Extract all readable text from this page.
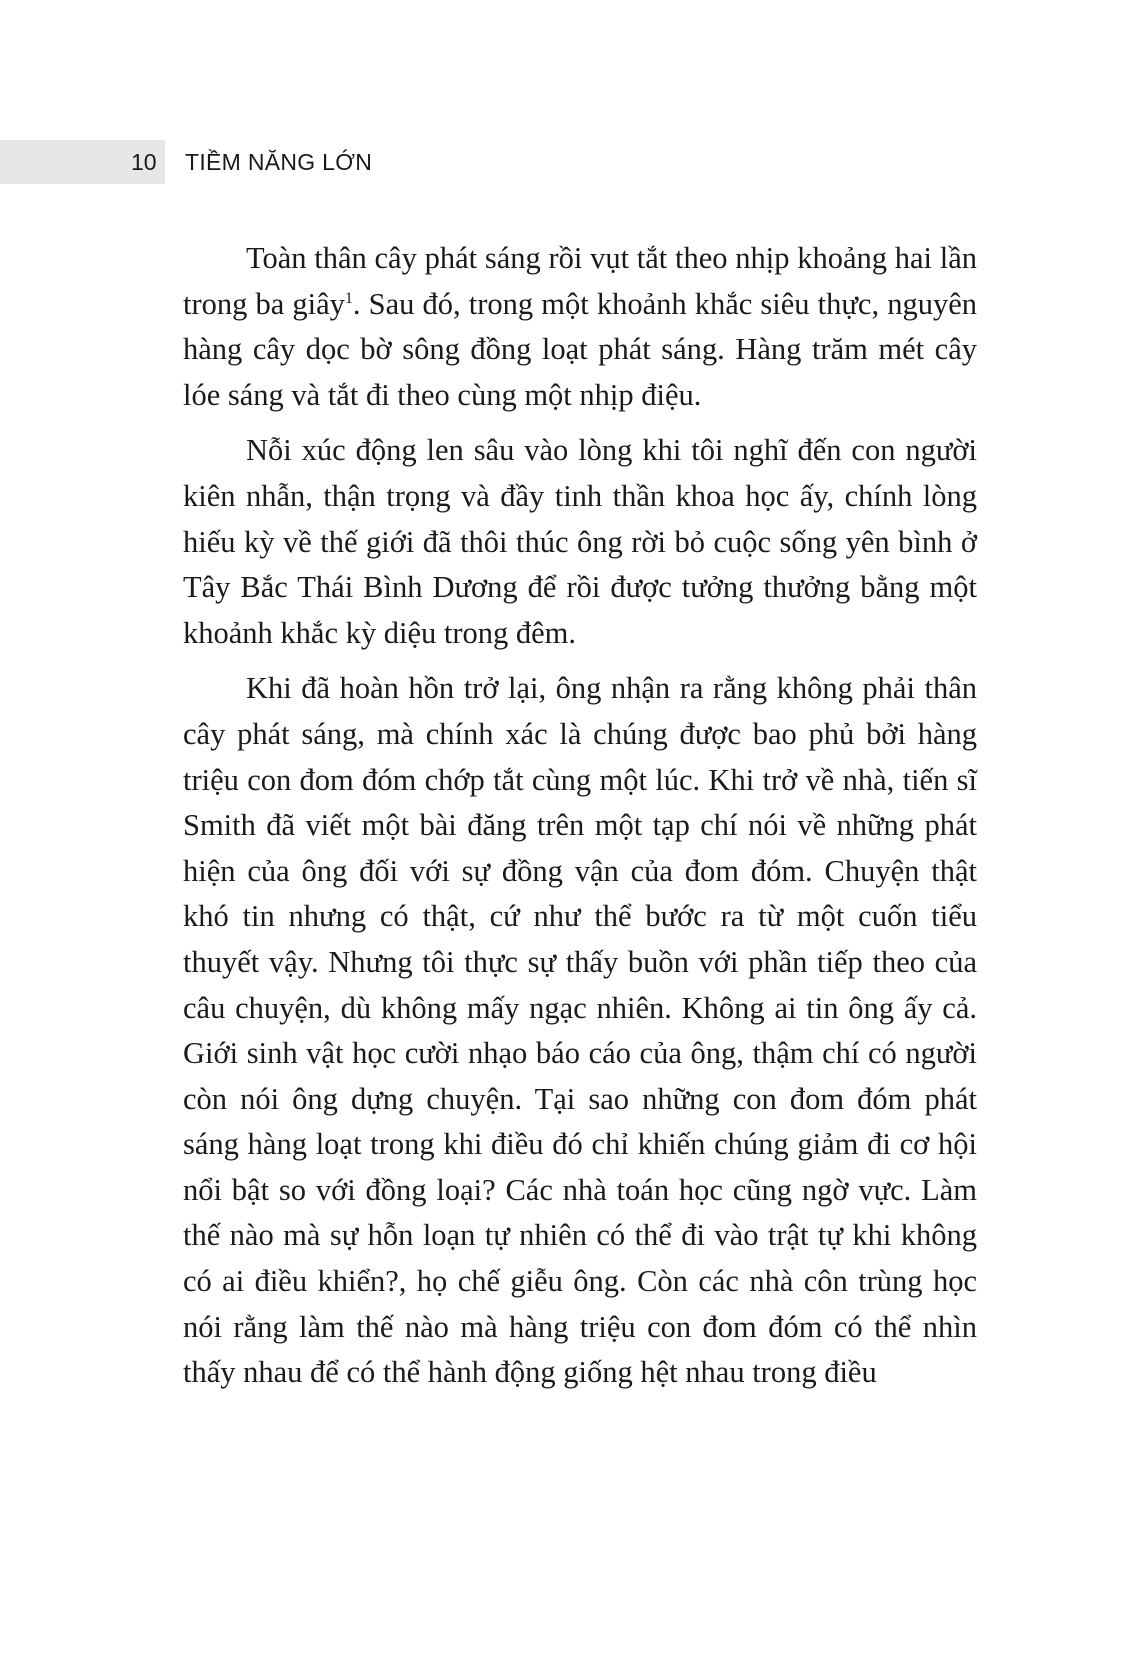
10 TIỀM NĂNG LỚN

Toàn thân cây phát sáng rồi vụt tắt theo nhịp khoảng hai lần trong ba giây$^1$. Sau đó, trong một khoảnh khắc siêu thực, nguyên hàng cây dọc bờ sông đồng loạt phát sáng. Hàng trăm mét cây lóe sáng và tắt đi theo cùng một nhịp điệu.

Nỗi xúc động len sâu vào lòng khi tôi nghĩ đến con người kiên nhẫn, thận trọng và đầy tinh thần khoa học ấy, chính lòng hiếu kỳ về thế giới đã thôi thúc ông rời bỏ cuộc sống yên bình ở Tây Bắc Thái Bình Dương để rồi được tưởng thưởng bằng một khoảnh khắc kỳ diệu trong đêm.

Khi đã hoàn hồn trở lại, ông nhận ra rằng không phải thân cây phát sáng, mà chính xác là chúng được bao phủ bởi hàng triệu con đom đóm chớp tắt cùng một lúc. Khi trở về nhà, tiến sĩ Smith đã viết một bài đăng trên một tạp chí nói về những phát hiện của ông đối với sự đồng vận của đom đóm. Chuyện thật khó tin nhưng có thật, cứ như thể bước ra từ một cuốn tiểu thuyết vậy. Nhưng tôi thực sự thấy buồn với phần tiếp theo của câu chuyện, dù không mấy ngạc nhiên. Không ai tin ông ấy cả. Giới sinh vật học cười nhạo báo cáo của ông, thậm chí có người còn nói ông dựng chuyện. Tại sao những con đom đóm phát sáng hàng loạt trong khi điều đó chỉ khiến chúng giảm đi cơ hội nổi bật so với đồng loại? Các nhà toán học cũng ngờ vực. Làm thế nào mà sự hỗn loạn tự nhiên có thể đi vào trật tự khi không có ai điều khiển?, họ chế giễu ông. Còn các nhà côn trùng học nói rằng làm thế nào mà hàng triệu con đom đóm có thể nhìn thấy nhau để có thể hành động giống hệt nhau trong điều
